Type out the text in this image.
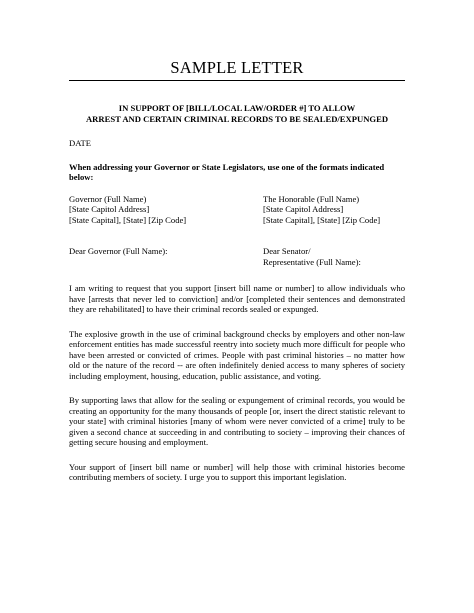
SAMPLE LETTER
IN SUPPORT OF [BILL/LOCAL LAW/ORDER #] TO ALLOW
ARREST AND CERTAIN CRIMINAL RECORDS TO BE SEALED/EXPUNGED
DATE
When addressing your Governor or State Legislators, use one of the formats indicated below:
Governor (Full Name)
[State Capitol Address]
[State Capital], [State] [Zip Code]
The Honorable (Full Name)
[State Capitol Address]
[State Capital], [State] [Zip Code]
Dear Governor (Full Name):	Dear Senator/
Representative (Full Name):
I am writing to request that you support [insert bill name or number] to allow individuals who have [arrests that never led to conviction] and/or [completed their sentences and demonstrated they are rehabilitated] to have their criminal records sealed or expunged.
The explosive growth in the use of criminal background checks by employers and other non-law enforcement entities has made successful reentry into society much more difficult for people who have been arrested or convicted of crimes. People with past criminal histories – no matter how old or the nature of the record -- are often indefinitely denied access to many spheres of society including employment, housing, education, public assistance, and voting.
By supporting laws that allow for the sealing or expungement of criminal records, you would be creating an opportunity for the many thousands of people [or, insert the direct statistic relevant to your state] with criminal histories [many of whom were never convicted of a crime] truly to be given a second chance at succeeding in and contributing to society – improving their chances of getting secure housing and employment.
Your support of [insert bill name or number] will help those with criminal histories become contributing members of society. I urge you to support this important legislation.
